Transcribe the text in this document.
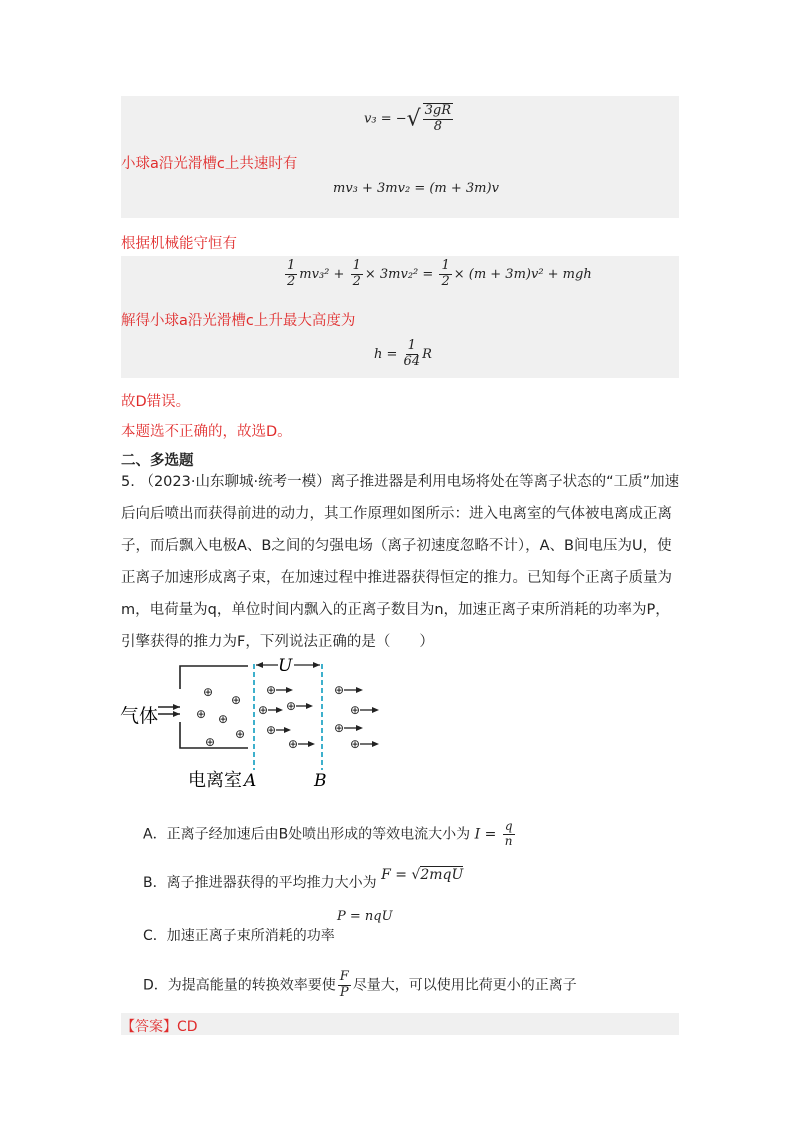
v₃ = −√ $\frac{3gR}{8}$
小球a沿光滑槽c上共速时有
mv₃ + 3mv₂ = (m + 3m)v
根据机械能守恒有
$\frac{1}{2} mv_3^2 + \frac{1}{2} \times 3mv_2^2 = \frac{1}{2} \times (m + 3m)v^2$ + mgh
解得小球a沿光滑槽c上升最大高度为
$h = \frac{1}{64}$ R
故D错误。
本题选不正确的，故选D。
二、多选题
5. （2023·山东聊城·统考一模）离子推进器是利用电场将处在等离子状态的“工质”加速后向后喷出而获得前进的动力，其工作原理如图所示：进入电离室的气体被电离成正离子，而后飘入电极A、B之间的匀强电场（离子初速度忽略不计），A、B间电压为U，使正离子加速形成离子束，在加速过程中推进器获得恒定的推力。已知每个正离子质量为m，电荷量为q，单位时间内飘入的正离子数目为n，加速正离子束所消耗的功率为P，引擎获得的推力为F，下列说法正确的是（　　）
U
气体
⊕
⊕
⊕ ⊕
⊕
⊕
⊕
⊕ ⊕
⊕
⊕
⊕
⊕
⊕
⊕
电离室 A	B
A．正离子经加速后由B处喷出形成的等效电流大小为 $I = \frac{q}{n}$
B．离子推进器获得的平均推力大小为 F = √2mqU
C．加速正离子束所消耗的功率
P = nqU
D．为提高能量的转换效率要使 $\frac{F}{P}$ 尽量大，可以使用比荷更小的正离子
【答案】CD
